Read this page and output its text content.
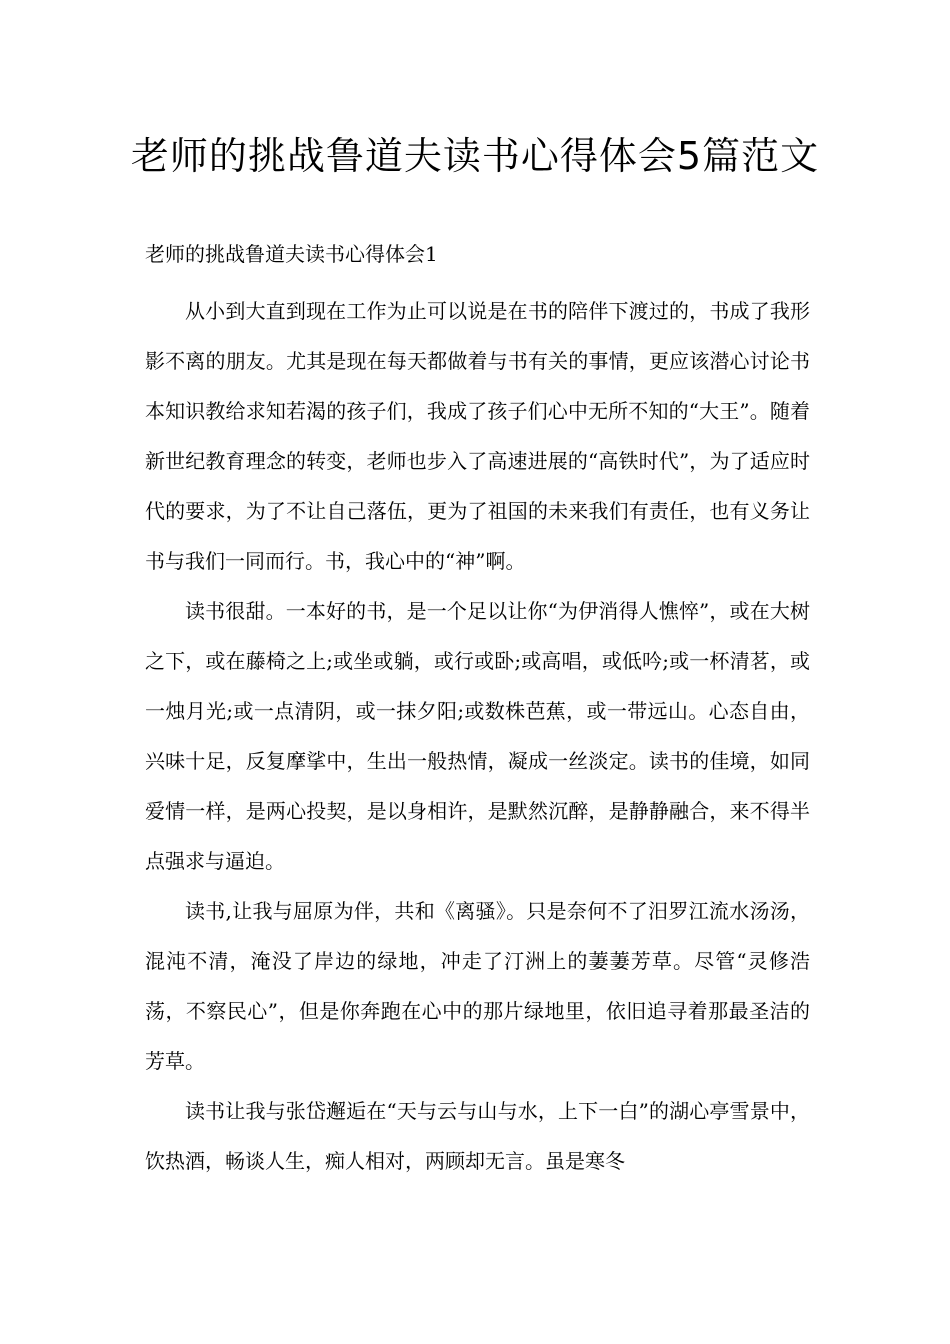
老师的挑战鲁道夫读书心得体会5篇范文

老师的挑战鲁道夫读书心得体会1

从小到大直到现在工作为止可以说是在书的陪伴下渡过的，书成了我形影不离的朋友。尤其是现在每天都做着与书有关的事情，更应该潜心讨论书本知识教给求知若渴的孩子们，我成了孩子们心中无所不知的“大王”。随着新世纪教育理念的转变，老师也步入了高速进展的“高铁时代”，为了适应时代的要求，为了不让自己落伍，更为了祖国的未来我们有责任，也有义务让书与我们一同而行。书，我心中的“神”啊。

读书很甜。一本好的书，是一个足以让你“为伊消得人憔悴”，或在大树之下，或在藤椅之上;或坐或躺，或行或卧;或高唱，或低吟;或一杯清茗，或一烛月光;或一点清阴，或一抹夕阳;或数株芭蕉，或一带远山。心态自由，兴味十足，反复摩挲中，生出一般热情，凝成一丝淡定。读书的佳境，如同爱情一样，是两心投契，是以身相许，是默然沉醉，是静静融合，来不得半点强求与逼迫。

读书,让我与屈原为伴，共和《离骚》。只是奈何不了汨罗江流水汤汤，混沌不清，淹没了岸边的绿地，冲走了汀洲上的萋萋芳草。尽管“灵修浩荡，不察民心”，但是你奔跑在心中的那片绿地里，依旧追寻着那最圣洁的芳草。

读书让我与张岱邂逅在“天与云与山与水，上下一白”的湖心亭雪景中，饮热酒，畅谈人生，痴人相对，两顾却无言。虽是寒冬
